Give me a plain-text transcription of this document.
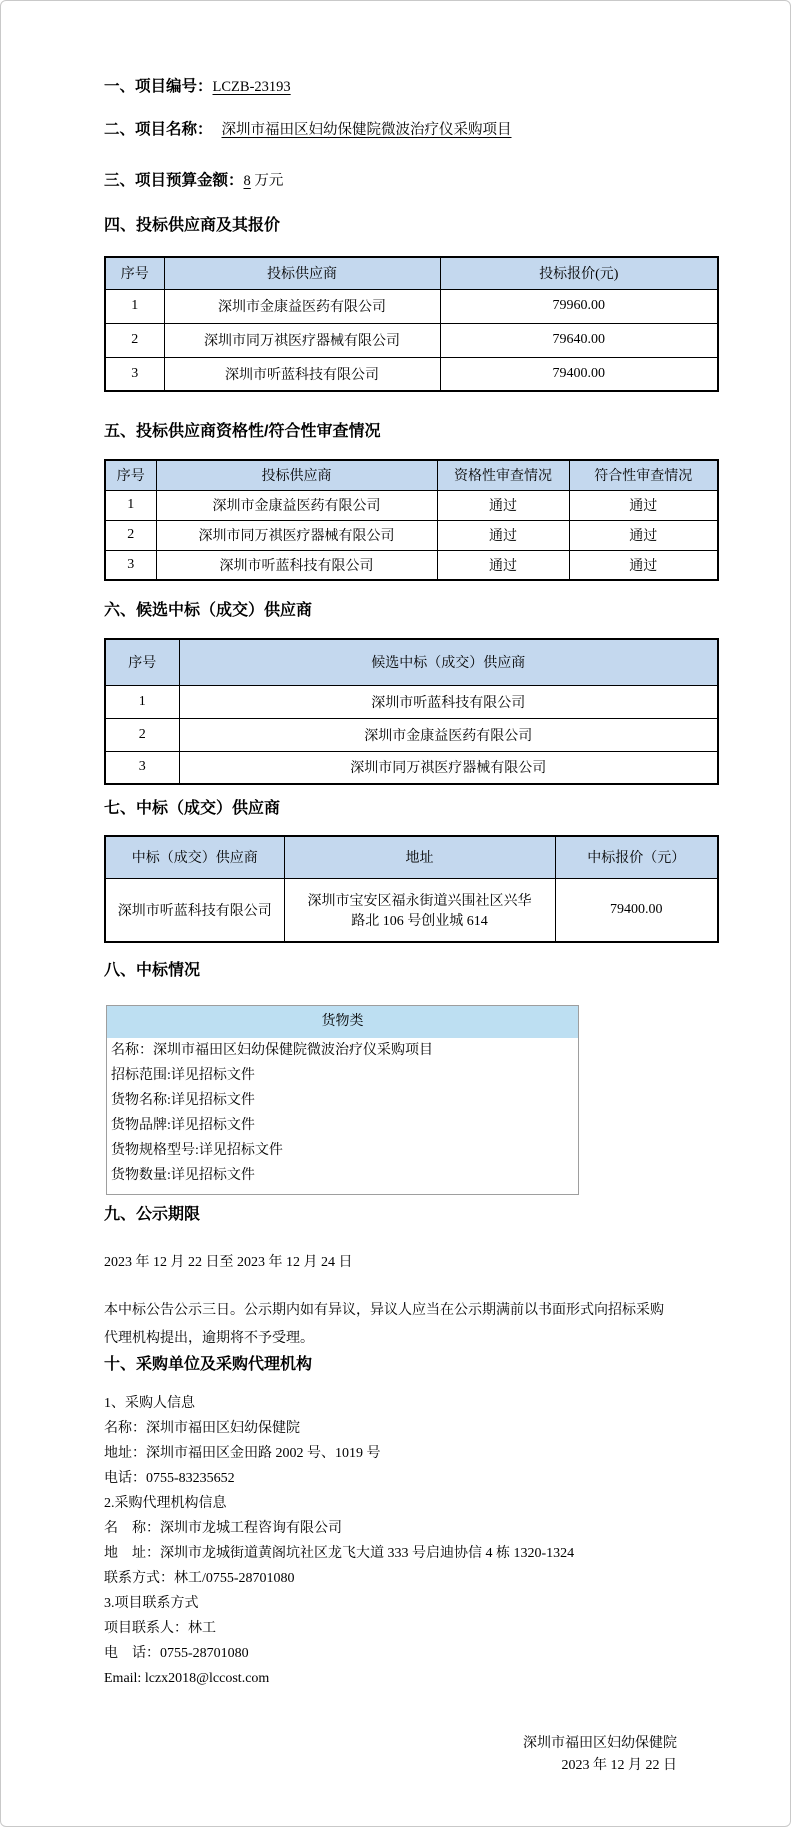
一、项目编号：LCZB-23193
二、项目名称： 深圳市福田区妇幼保健院微波治疗仪采购项目
三、项目预算金额：8 万元
四、投标供应商及其报价
序号	投标供应商	投标报价(元)
1	深圳市金康益医药有限公司	79960.00
2	深圳市同万祺医疗器械有限公司	79640.00
3	深圳市听蓝科技有限公司	79400.00
五、投标供应商资格性/符合性审查情况
序号	投标供应商	资格性审查情况	符合性审查情况
1	深圳市金康益医药有限公司	通过	通过
2	深圳市同万祺医疗器械有限公司	通过	通过
3	深圳市听蓝科技有限公司	通过	通过
六、候选中标（成交）供应商
序号	候选中标（成交）供应商
1	深圳市听蓝科技有限公司
2	深圳市金康益医药有限公司
3	深圳市同万祺医疗器械有限公司
七、中标（成交）供应商
中标（成交）供应商	地址	中标报价（元）
深圳市听蓝科技有限公司	深圳市宝安区福永街道兴围社区兴华路北 106 号创业城 614	79400.00
八、中标情况
货物类
名称：深圳市福田区妇幼保健院微波治疗仪采购项目
招标范围:详见招标文件
货物名称:详见招标文件
货物品牌:详见招标文件
货物规格型号:详见招标文件
货物数量:详见招标文件
九、公示期限
2023 年 12 月 22 日至 2023 年 12 月 24 日

本中标公告公示三日。公示期内如有异议，异议人应当在公示期满前以书面形式向招标采购代理机构提出，逾期将不予受理。

十、采购单位及采购代理机构
1、采购人信息
名称：深圳市福田区妇幼保健院
地址：深圳市福田区金田路 2002 号、1019 号
电话：0755-83235652
2.采购代理机构信息
名　称：深圳市龙城工程咨询有限公司
地　址：深圳市龙城街道黄阁坑社区龙飞大道 333 号启迪协信 4 栋 1320-1324
联系方式：林工/0755-28701080
3.项目联系方式
项目联系人：林工
电　话：0755-28701080
Email: lczx2018@lccost.com
深圳市福田区妇幼保健院
2023 年 12 月 22 日
